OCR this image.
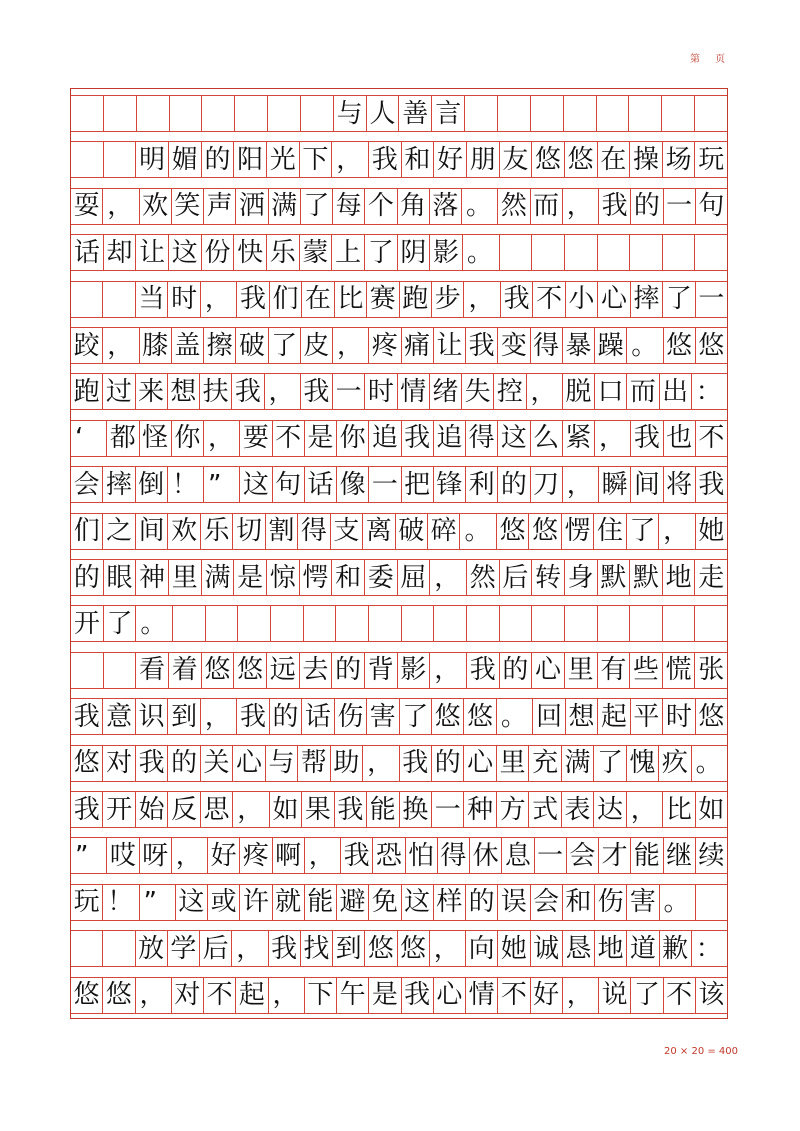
第 页
与 人 善 言
明 媚 的 阳 光 下 ， 我 和 好 朋 友 悠 悠 在 操 场 玩
耍 ， 欢 笑 声 洒 满 了 每 个 角 落 。 然 而 ， 我 的 一 句
话 却 让 这 份 快 乐 蒙 上 了 阴 影 。
当 时 ， 我 们 在 比 赛 跑 步 ， 我 不 小 心 摔 了 一
跤 ， 膝 盖 擦 破 了 皮 ， 疼 痛 让 我 变 得 暴 躁 。 悠 悠
跑 过 来 想 扶 我 ， 我 一 时 情 绪 失 控 ， 脱 口 而 出 ：
‘	都 怪 你 ， 要 不 是 你 追 我 追 得 这 么 紧 ， 我 也 不
会 摔 倒 ！ ” 这 句 话 像 一 把 锋 利 的 刀 ， 瞬 间 将 我
们 之 间 欢 乐 切 割 得 支 离 破 碎 。 悠 悠 愣 住 了 ， 她
的 眼 神 里 满 是 惊 愕 和 委 屈 ， 然 后 转 身 默 默 地 走
开 了 。
看 着 悠 悠 远 去 的 背 影 ， 我 的 心 里 有 些 慌 张
我 意 识 到 ， 我 的 话 伤 害 了 悠 悠 。 回 想 起 平 时 悠
悠 对 我 的 关 心 与 帮 助 ， 我 的 心 里 充 满 了 愧 疚 。
我 开 始 反 思 ， 如 果 我 能 换 一 种 方 式 表 达 ， 比 如
” 哎 呀 ， 好 疼 啊 ， 我 恐 怕 得 休 息 一 会 才 能 继 续
玩 ！ ” 这 或 许 就 能 避 免 这 样 的 误 会 和 伤 害 。
放 学 后 ， 我 找 到 悠 悠 ， 向 她 诚 恳 地 道 歉 ：
悠 悠 ， 对 不 起 ， 下 午 是 我 心 情 不 好 ， 说 了 不 该
20 × 20 = 400
